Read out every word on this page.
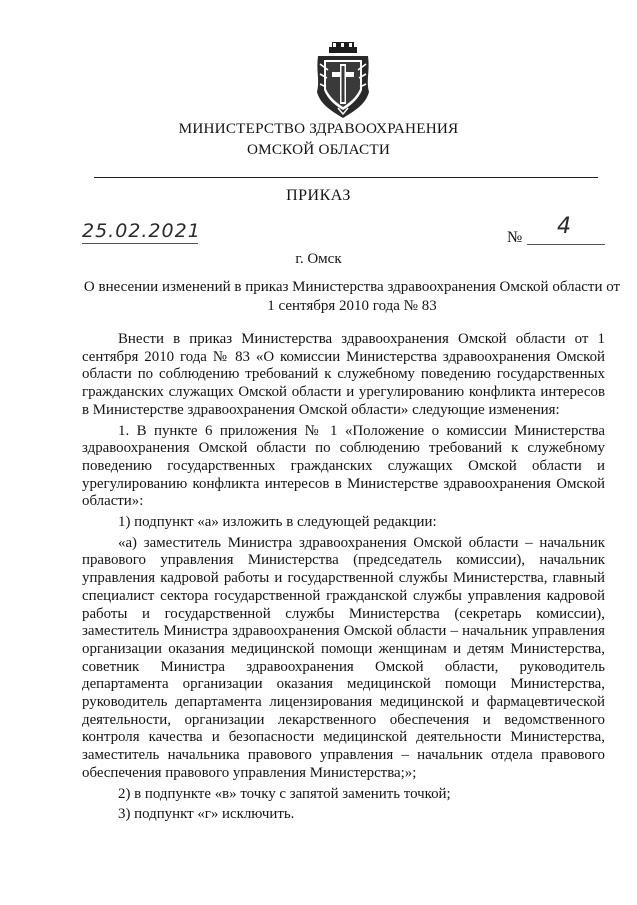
МИНИСТЕРСТВО ЗДРАВООХРАНЕНИЯ
ОМСКОЙ ОБЛАСТИ
ПРИКАЗ
25.02.2021	№ 4
г. Омск
О внесении изменений в приказ Министерства здравоохранения Омской области от 1 сентября 2010 года № 83

Внести в приказ Министерства здравоохранения Омской области от 1 сентября 2010 года № 83 «О комиссии Министерства здравоохранения Омской области по соблюдению требований к служебному поведению государственных гражданских служащих Омской области и урегулированию конфликта интересов в Министерстве здравоохранения Омской области» следующие изменения:

1. В пункте 6 приложения № 1 «Положение о комиссии Министерства здравоохранения Омской области по соблюдению требований к служебному поведению государственных гражданских служащих Омской области и урегулированию конфликта интересов в Министерстве здравоохранения Омской области»:

1) подпункт «а» изложить в следующей редакции:

«а) заместитель Министра здравоохранения Омской области – начальник правового управления Министерства (председатель комиссии), начальник управления кадровой работы и государственной службы Министерства, главный специалист сектора государственной гражданской службы управления кадровой работы и государственной службы Министерства (секретарь комиссии), заместитель Министра здравоохранения Омской области – начальник управления организации оказания медицинской помощи женщинам и детям Министерства, советник Министра здравоохранения Омской области, руководитель департамента организации оказания медицинской помощи Министерства, руководитель департамента лицензирования медицинской и фармацевтической деятельности, организации лекарственного обеспечения и ведомственного контроля качества и безопасности медицинской деятельности Министерства, заместитель начальника правового управления – начальник отдела правового обеспечения правового управления Министерства;»;

2) в подпункте «в» точку с запятой заменить точкой;

3) подпункт «г» исключить.
